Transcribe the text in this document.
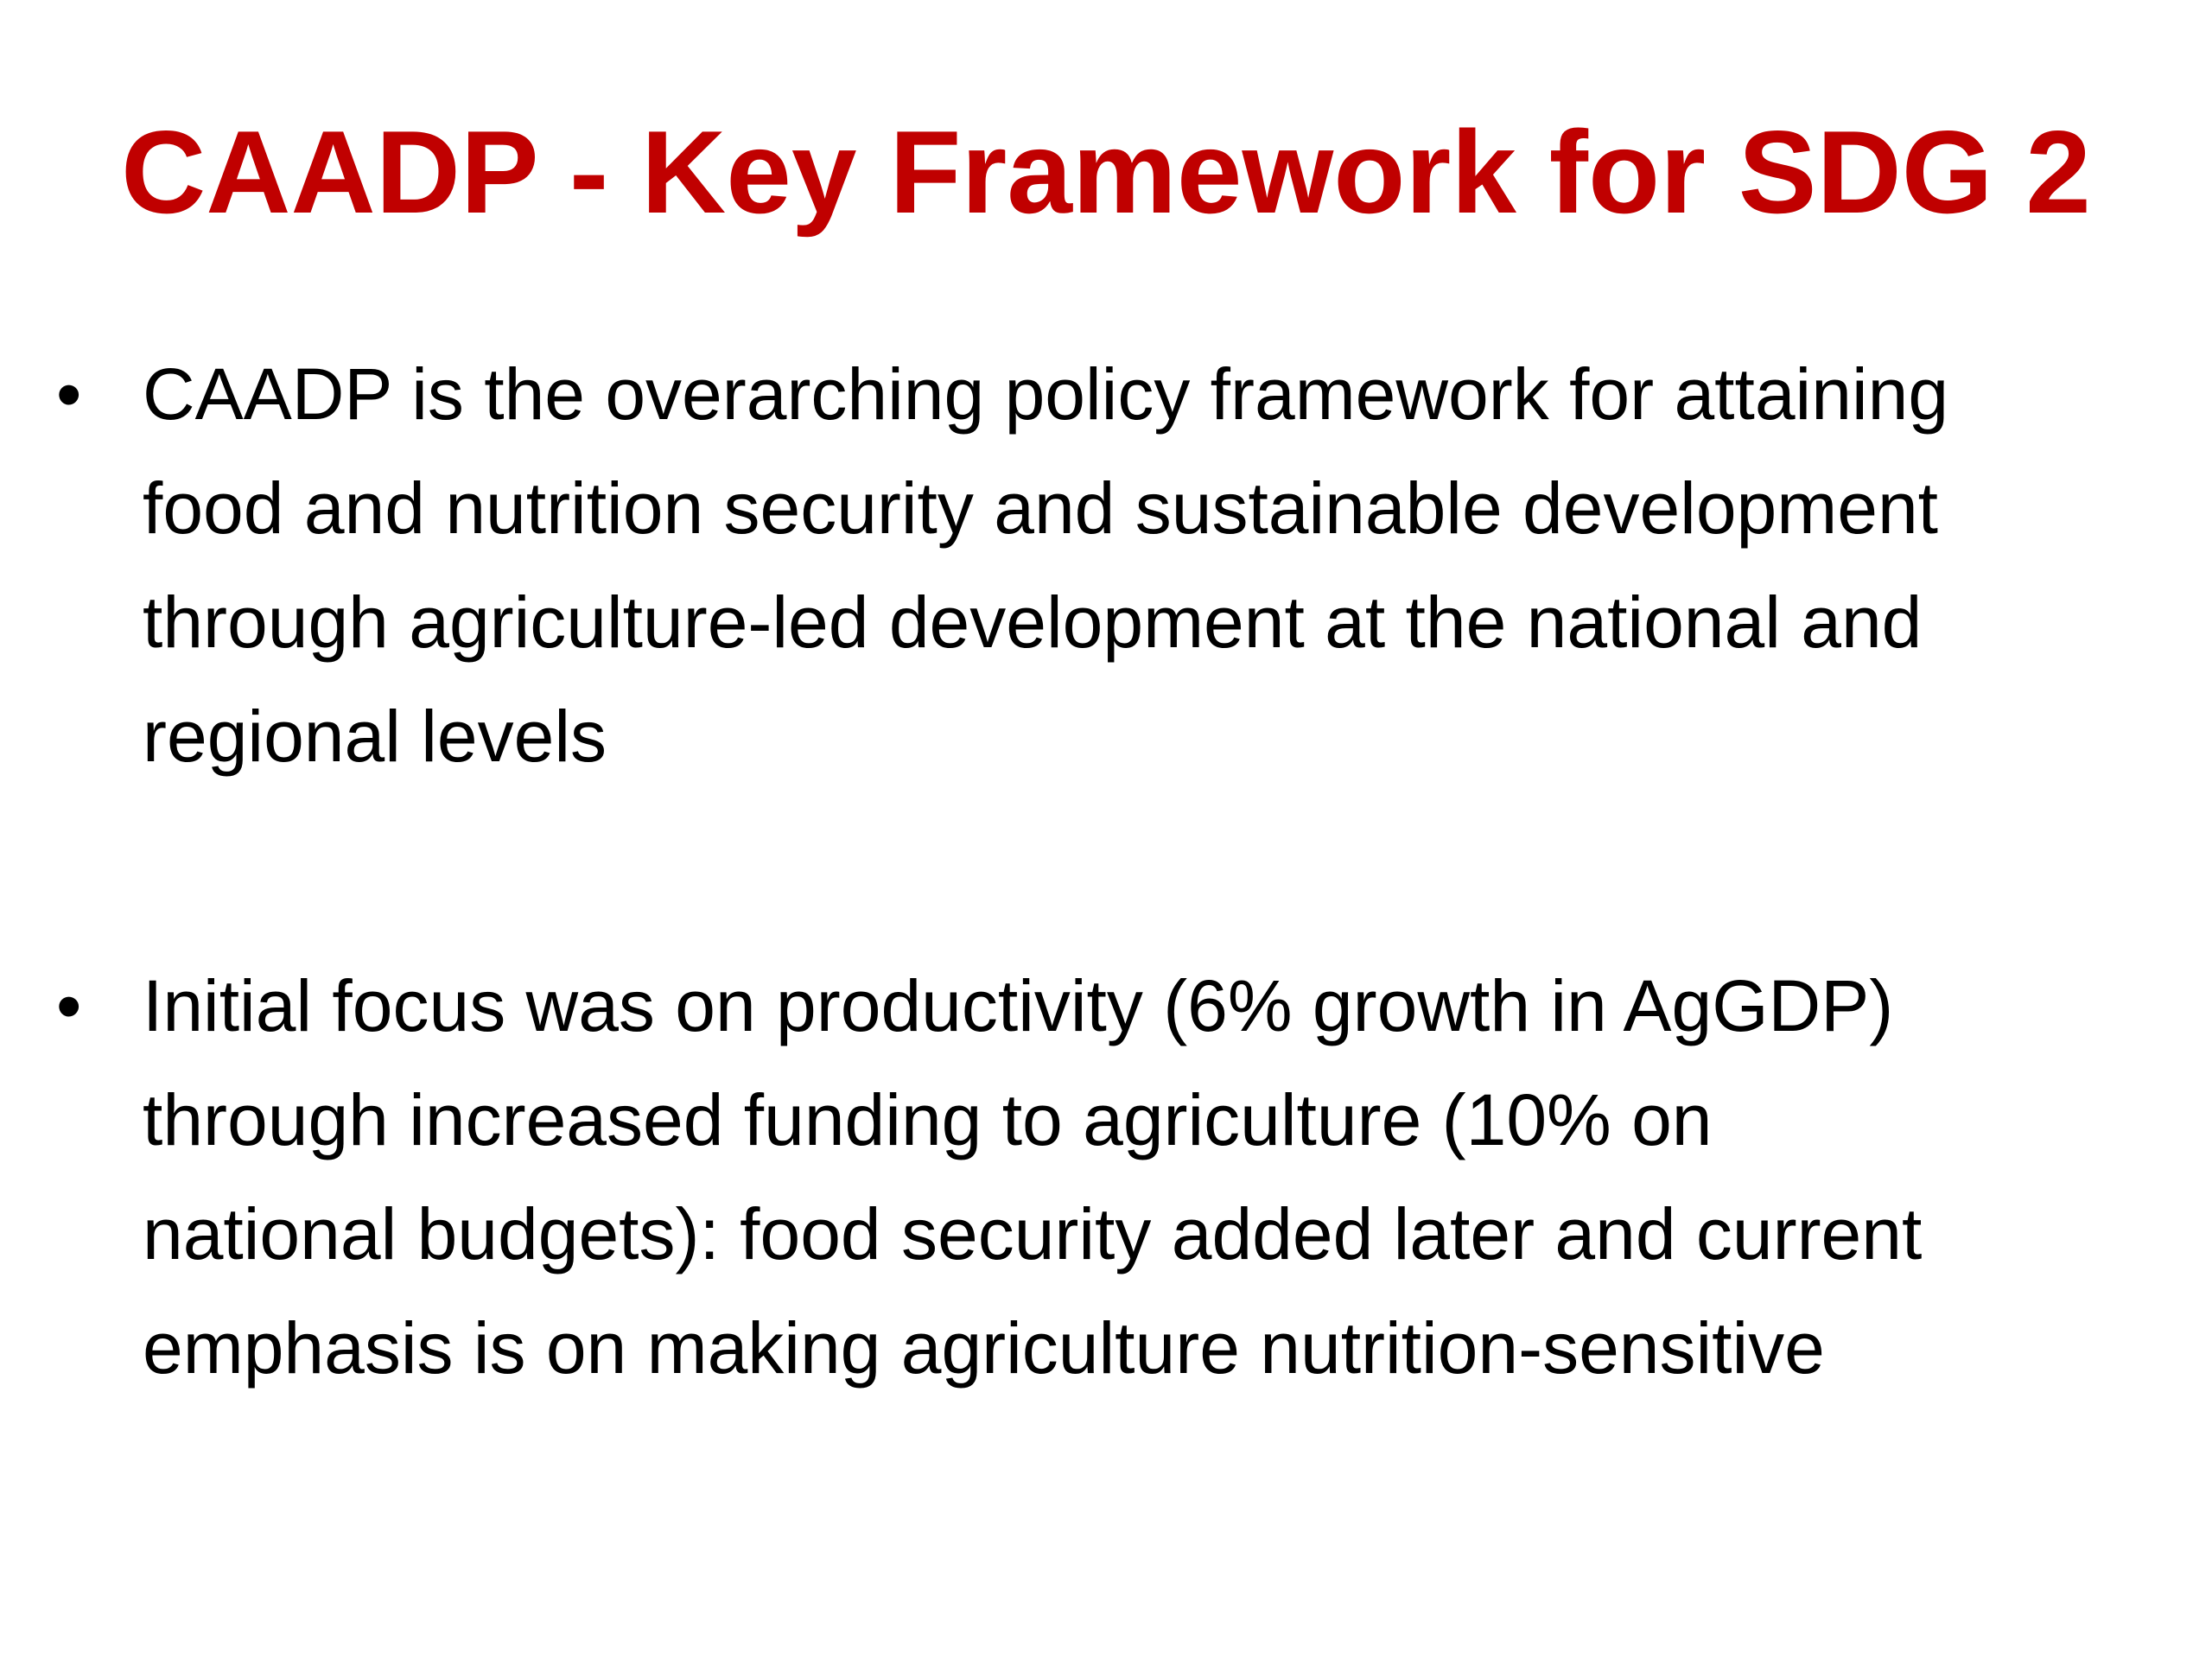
CAADP - Key Framework for SDG 2
• CAADP is the overarching policy framework for attaining
food and nutrition security and sustainable development
through agriculture-led development at the national and
regional levels

• Initial focus was on productivity (6% growth in AgGDP)
through increased funding to agriculture (10% on
national budgets): food security added later and current
emphasis is on making agriculture nutrition-sensitive
